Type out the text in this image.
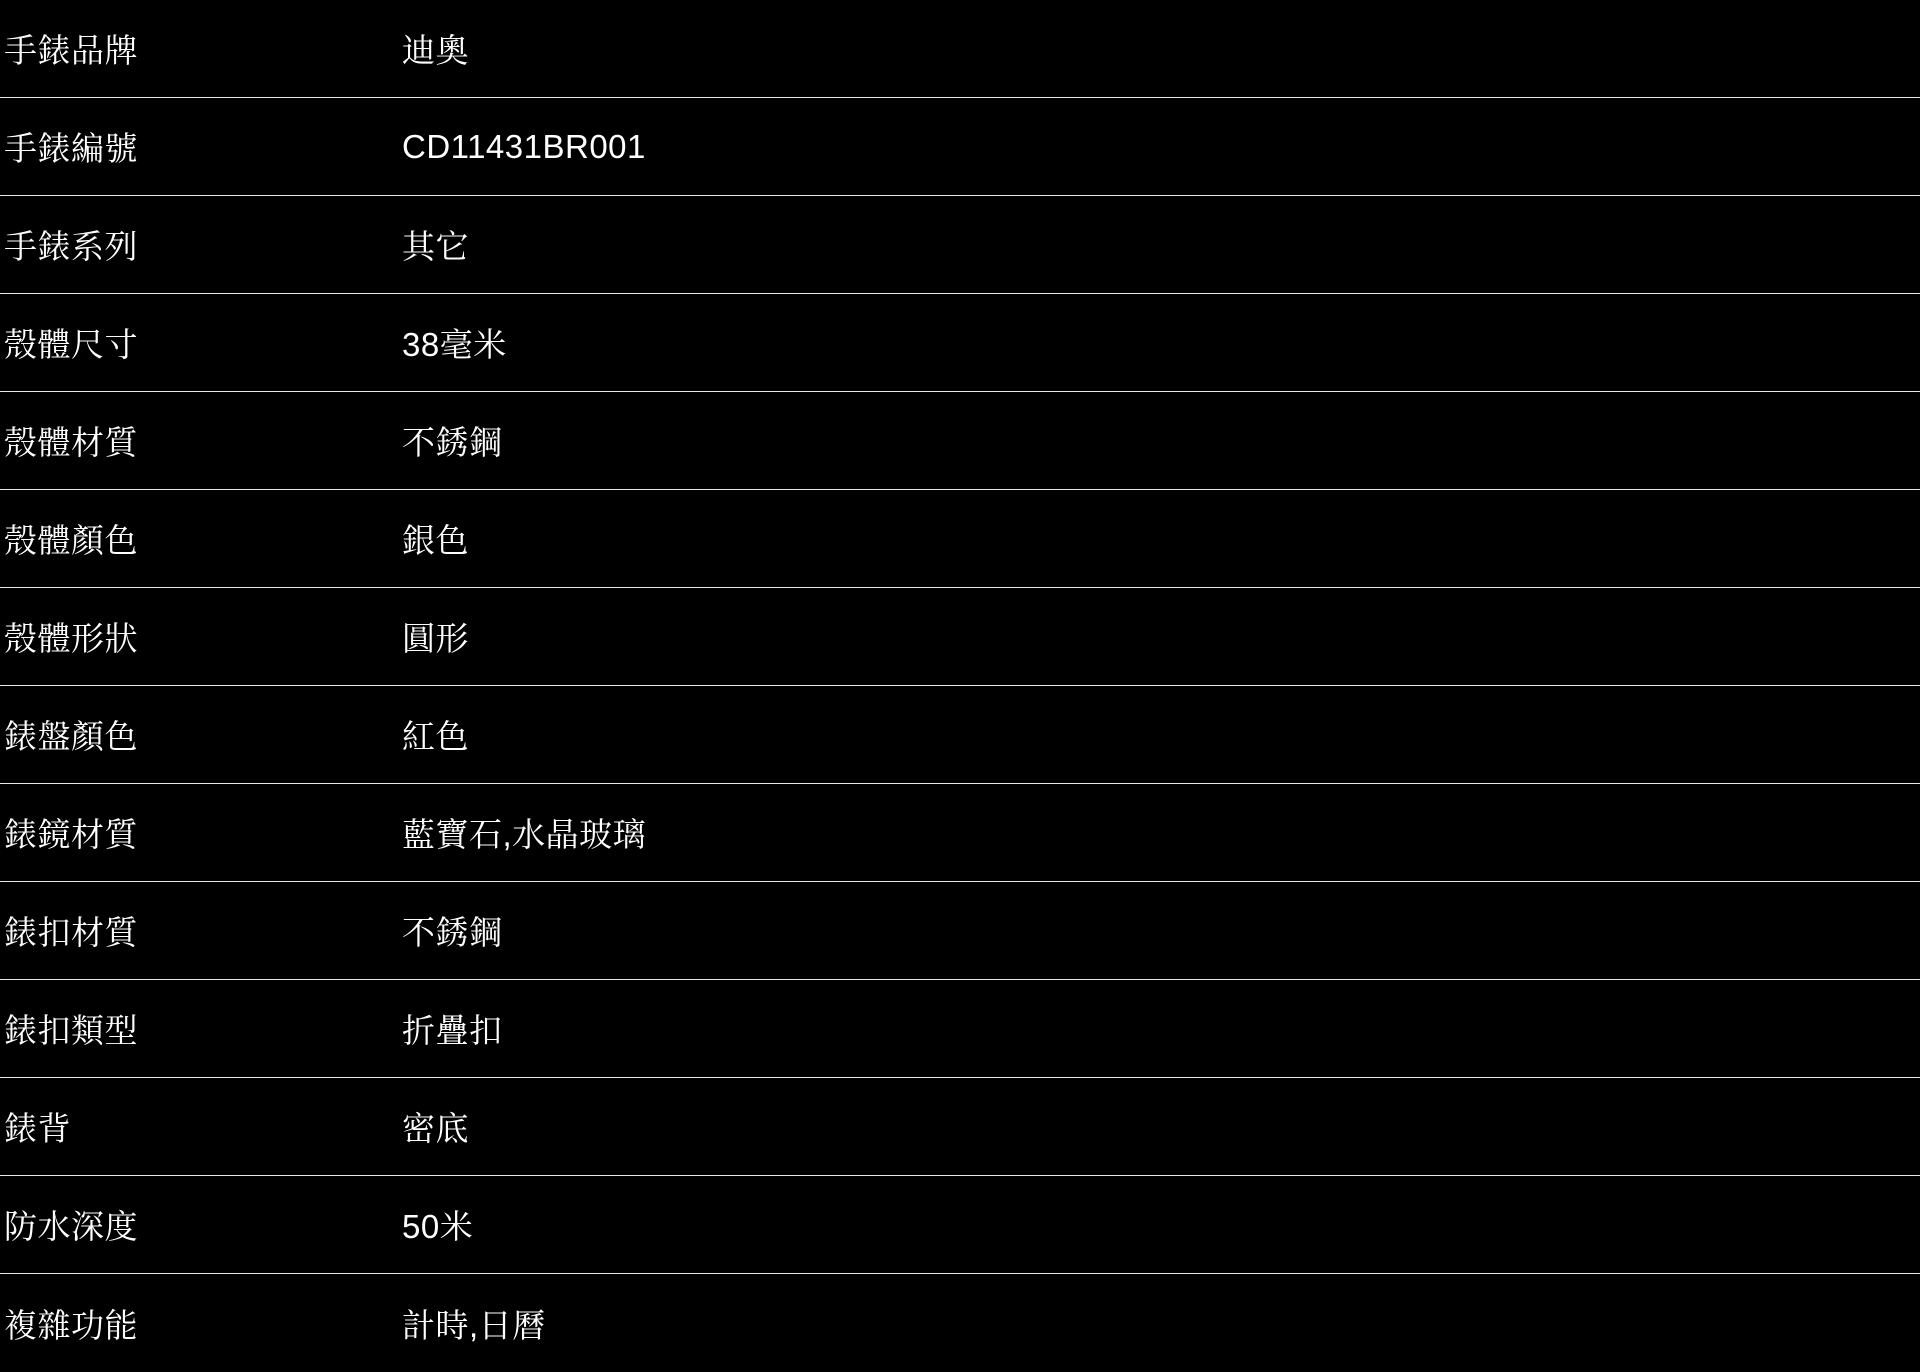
手錶品牌	迪奧
手錶編號	CD11431BR001
手錶系列	其它
殼體尺寸	38毫米
殼體材質	不銹鋼
殼體顏色	銀色
殼體形狀	圓形
錶盤顏色	紅色
錶鏡材質	藍寶石,水晶玻璃
錶扣材質	不銹鋼
錶扣類型	折疊扣
錶背	密底
防水深度	50米
複雜功能	計時,日曆
